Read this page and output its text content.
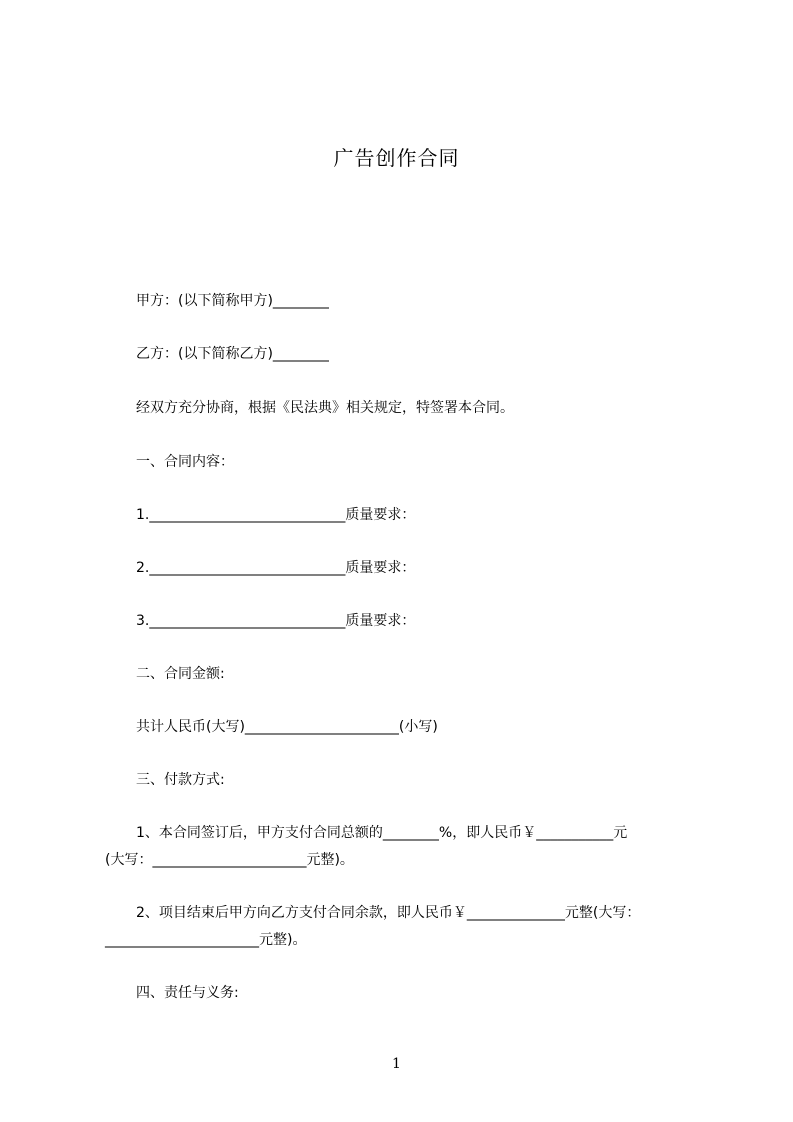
广告创作合同
甲方：(以下简称甲方)________
乙方：(以下简称乙方)________
经双方充分协商，根据《民法典》相关规定，特签署本合同。
一、合同内容：
1.____________________________质量要求：
2.____________________________质量要求：
3.____________________________质量要求：
二、合同金额:
共计人民币(大写)______________________(小写)
三、付款方式:
1、本合同签订后，甲方支付合同总额的________%，即人民币￥___________元
(大写：______________________元整)。
2、项目结束后甲方向乙方支付合同余款，即人民币￥______________元整(大写：
______________________元整)。
四、责任与义务:
1
